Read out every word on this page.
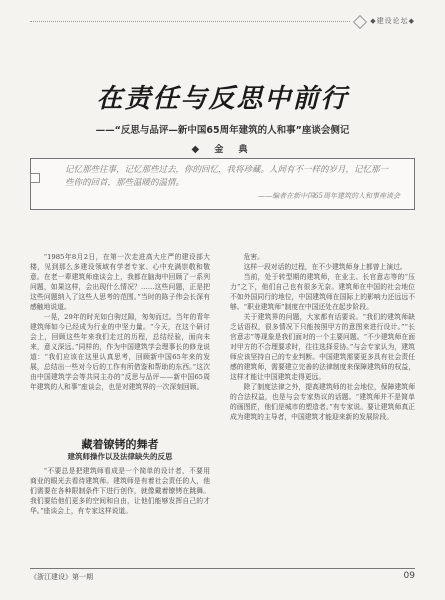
◆建设论坛◆
在责任与反思中前行
——“反思与品评—新中国65周年建筑的人和事”座谈会侧记
◆ 金 典
记忆那些往事，记忆那些过去，你的回忆，我将珍藏。人间有不一样的岁月，记忆那一些你的回首，那些温暖的温情。
——编者在新中国65周年建筑的人和事座谈会

“1985年8月2日，在第一次走进高大庄严的建设部大楼，见到那么多建设领域有学者专家、心中充满崇敬和敬意。在老一辈建筑师座谈会上，我都在脑海中回顾了一系列问题，如果这样，会出现什么情况？……这些问题，正是把这些问题纳入了这些人思考的范围。”当时的陈子伟会长深有感触地说道。

一晃，29年的时光如白驹过隙，匆匆而过。当年的青年建筑师如今已经成为行业的中坚力量。“今天，在这个研讨会上，回顾这些年来我们走过的历程，总结经验，面向未来，意义深远。”同样的，作为中国建筑学会理事长的修龙说道：“我们应该在这里认真思考，回顾新中国65年来的发展，总结出一些对今后的工作有所借鉴和帮助的东西。”这次由中国建筑学会等共同主办的“反思与品评——新中国65周年建筑的人和事”座谈会，也是对建筑界的一次深刻回顾。

藏着镣铐的舞者
建筑师操作以及法律缺失的反思

“不要总是把建筑师看成是一个简单的设计者，不要用商业的眼光去看待建筑师。建筑师是有着社会责任的人，他们需要在各种限制条件下进行创作，就像戴着镣铐在跳舞。我们要给他们更多的空间和自由，让他们能够发挥自己的才华。”座谈会上，有专家这样说道。

危害。

这样一段对话的过程，在不少建筑师身上都曾上演过。

当前，处于转型期的建筑师，在业主、长官意志等的“压力”之下，他们自己也有很多无奈。建筑师在中国的社会地位不如外国同行的地位，中国建筑师在国际上的影响力还远远不够。“职业建筑师”制度在中国还处在起步阶段。

关于建筑界的问题，大家都有话要说。“我们的建筑师缺乏话语权，很多情况下只能按照甲方的意图来进行设计。”“长官意志”等现象是我们面对的一个主要问题。“不少建筑师在面对甲方的不合理要求时，往往选择妥协。”与会专家认为，建筑师应该坚持自己的专业判断。中国建筑需要更多具有社会责任感的建筑师，需要建立完善的法律制度来保障建筑师的权益，这样才能让中国建筑走得更远。

除了制度法律之外，提高建筑师的社会地位，保障建筑师的合法权益，也是与会专家热议的话题。“建筑师并不是简单的画图匠，他们是城市的塑造者。”有专家说。要让建筑师真正成为建筑的主导者，中国建筑才能迎来新的发展阶段。

《浙江建设》第一期	09
